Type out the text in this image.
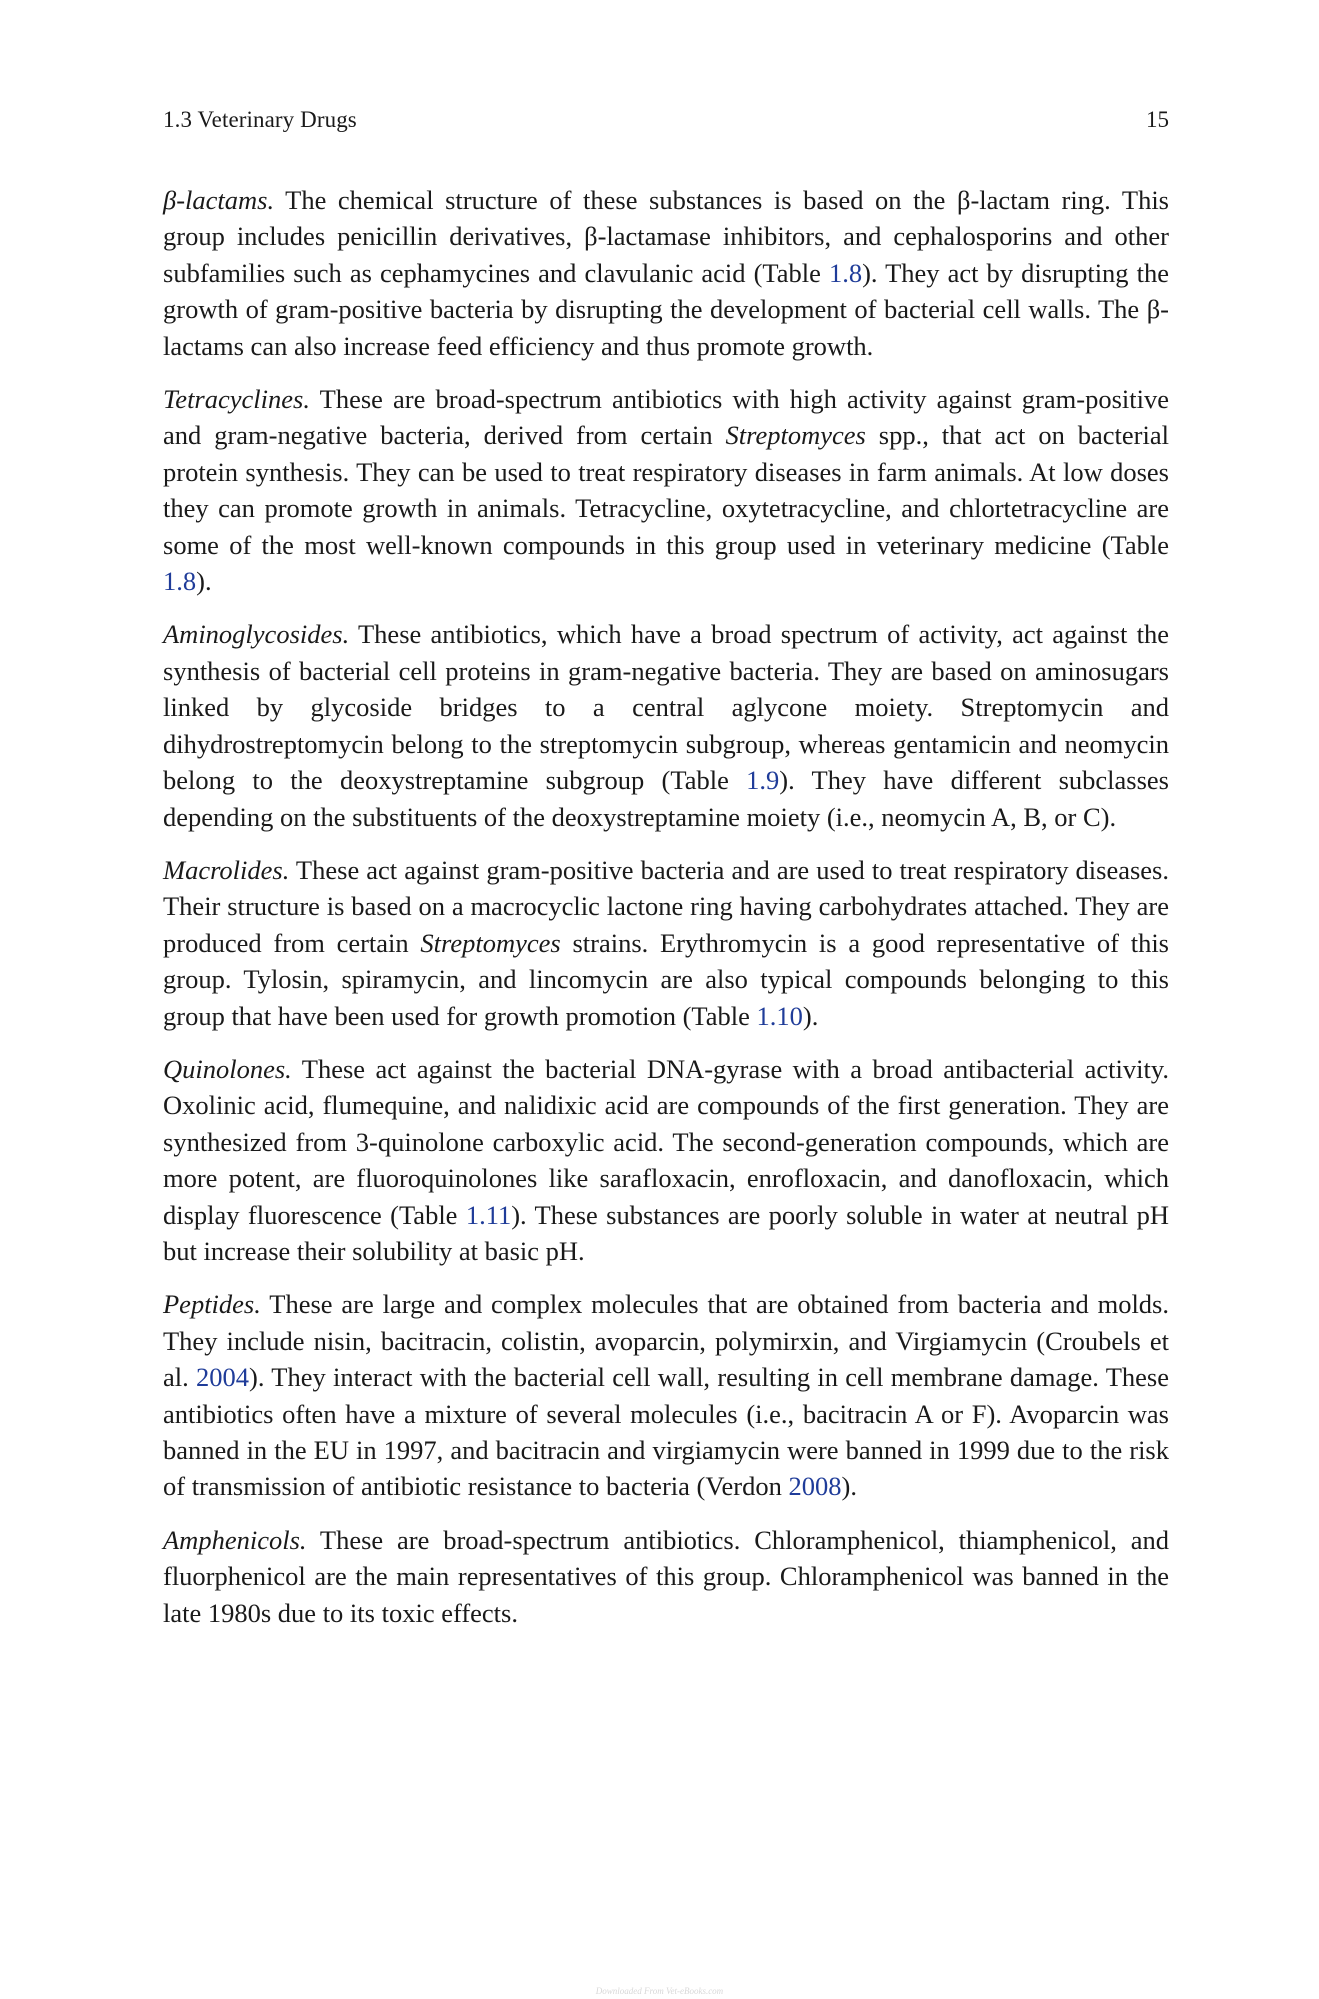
1.3 Veterinary Drugs	15

β-lactams. The chemical structure of these substances is based on the β-lactam ring. This group includes penicillin derivatives, β-lactamase inhibitors, and cephalosporins and other subfamilies such as cephamycines and clavulanic acid (Table 1.8). They act by disrupting the growth of gram-positive bacteria by disrupting the development of bacterial cell walls. The β-lactams can also increase feed efficiency and thus promote growth.

Tetracyclines. These are broad-spectrum antibiotics with high activity against gram-positive and gram-negative bacteria, derived from certain Streptomyces spp., that act on bacterial protein synthesis. They can be used to treat respiratory diseases in farm animals. At low doses they can promote growth in animals. Tetracycline, oxytetracycline, and chlortetracycline are some of the most well-known compounds in this group used in veterinary medicine (Table 1.8).

Aminoglycosides. These antibiotics, which have a broad spectrum of activity, act against the synthesis of bacterial cell proteins in gram-negative bacteria. They are based on aminosugars linked by glycoside bridges to a central aglycone moiety. Streptomycin and dihydrostreptomycin belong to the streptomycin subgroup, whereas gentamicin and neomycin belong to the deoxystreptamine subgroup (Table 1.9). They have different subclasses depending on the substituents of the deoxystreptamine moiety (i.e., neomycin A, B, or C).

Macrolides. These act against gram-positive bacteria and are used to treat respiratory diseases. Their structure is based on a macrocyclic lactone ring having carbohydrates attached. They are produced from certain Streptomyces strains. Erythromycin is a good representative of this group. Tylosin, spiramycin, and lincomycin are also typical compounds belonging to this group that have been used for growth promotion (Table 1.10).

Quinolones. These act against the bacterial DNA-gyrase with a broad antibacterial activity. Oxolinic acid, flumequine, and nalidixic acid are compounds of the first generation. They are synthesized from 3-quinolone carboxylic acid. The second-generation compounds, which are more potent, are fluoroquinolones like sarafloxacin, enrofloxacin, and danofloxacin, which display fluorescence (Table 1.11). These substances are poorly soluble in water at neutral pH but increase their solubility at basic pH.

Peptides. These are large and complex molecules that are obtained from bacteria and molds. They include nisin, bacitracin, colistin, avoparcin, polymirxin, and Virgiamycin (Croubels et al. 2004). They interact with the bacterial cell wall, resulting in cell membrane damage. These antibiotics often have a mixture of several molecules (i.e., bacitracin A or F). Avoparcin was banned in the EU in 1997, and bacitracin and virgiamycin were banned in 1999 due to the risk of transmission of antibiotic resistance to bacteria (Verdon 2008).

Amphenicols. These are broad-spectrum antibiotics. Chloramphenicol, thiamphenicol, and fluorphenicol are the main representatives of this group. Chloramphenicol was banned in the late 1980s due to its toxic effects.

Downloaded From Vet-eBooks.com
